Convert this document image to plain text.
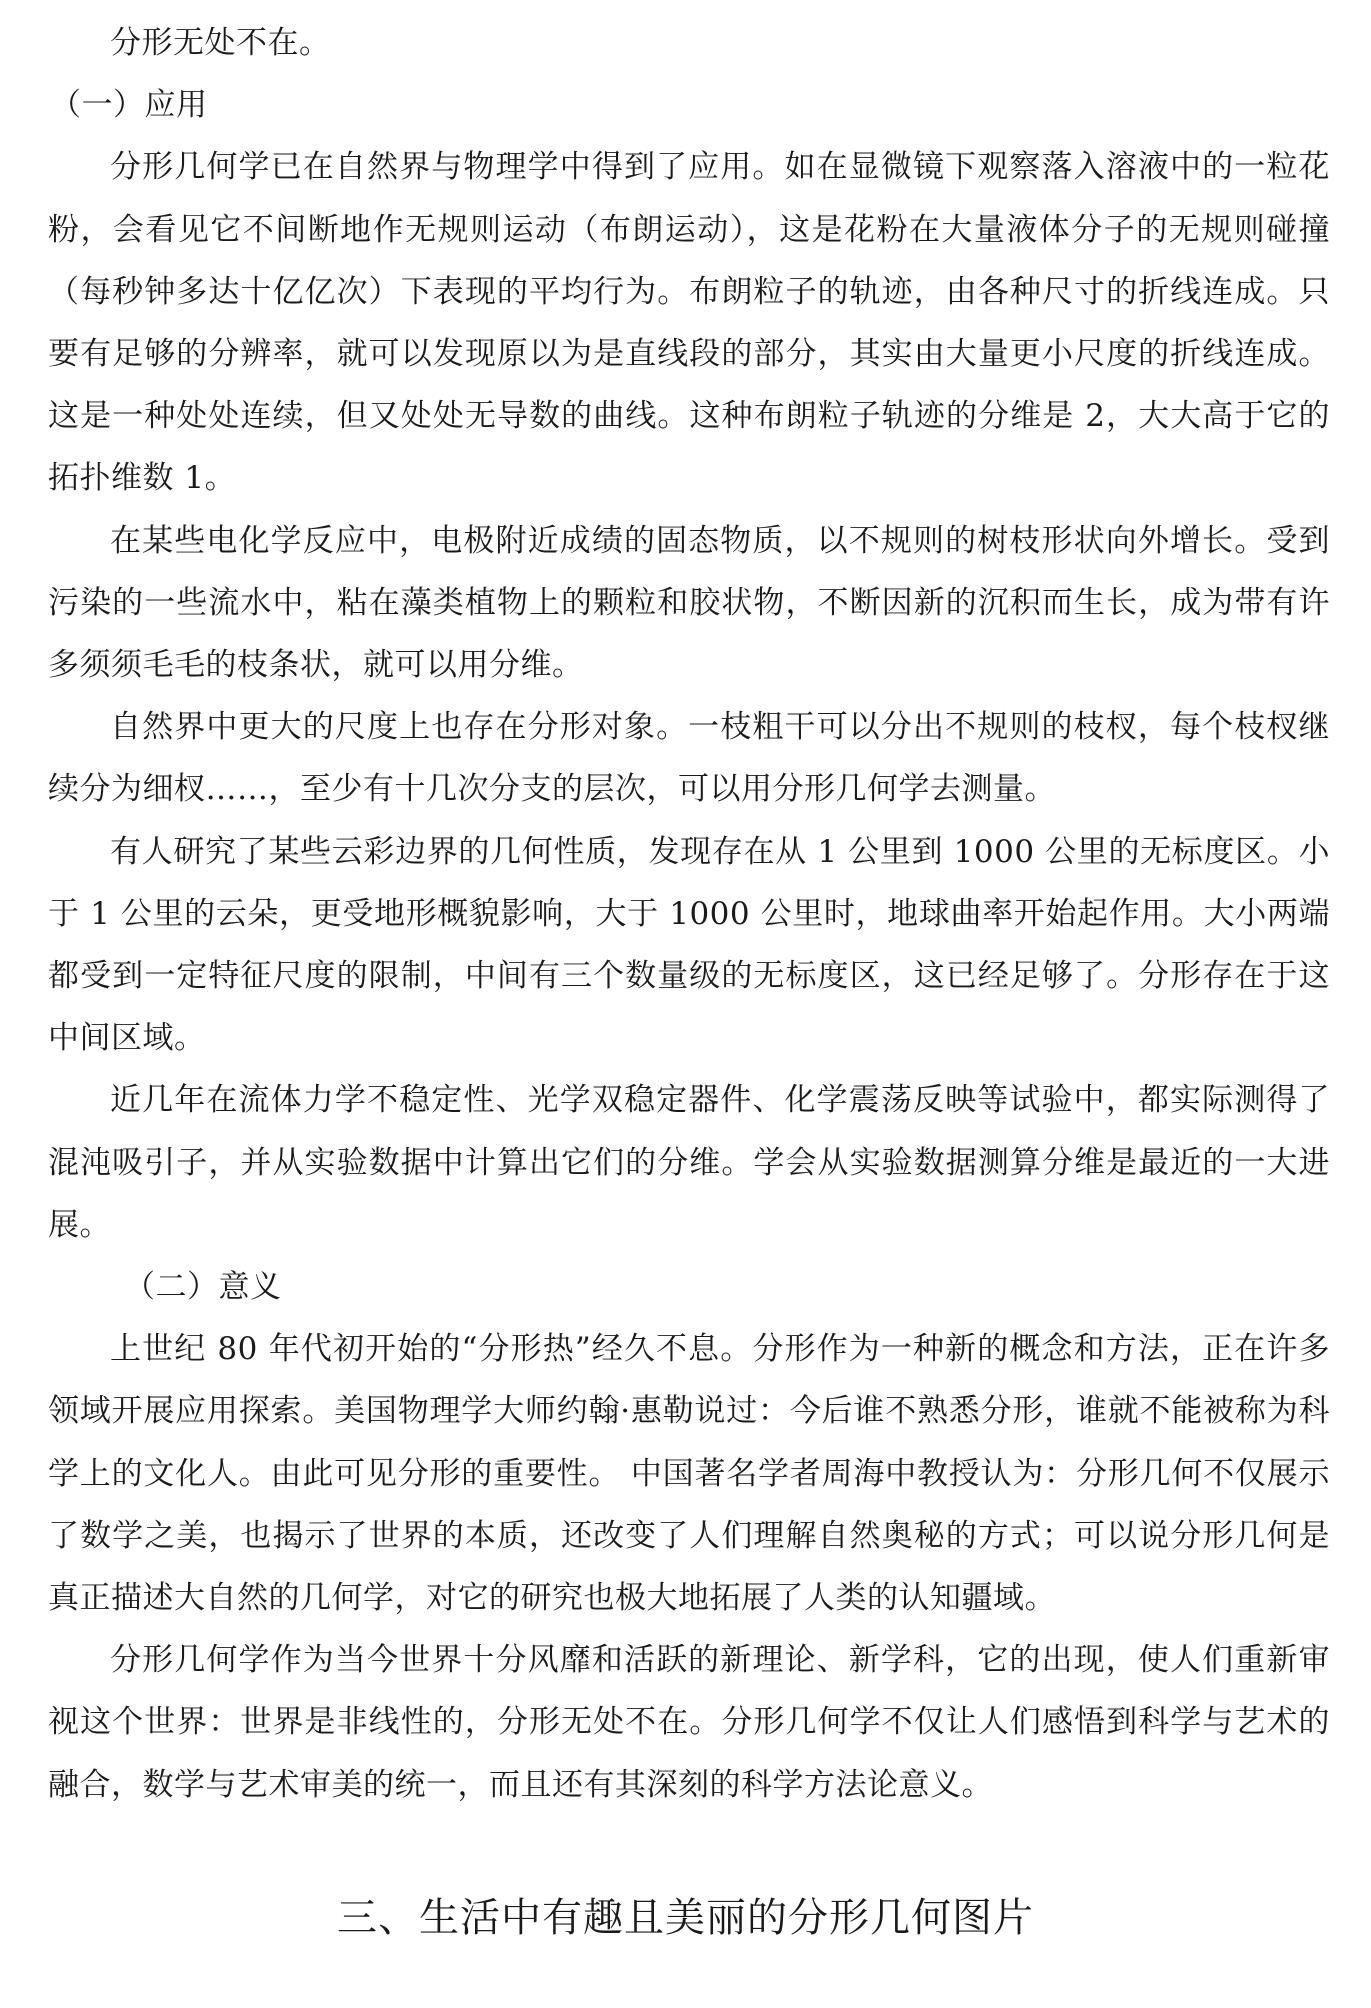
分形无处不在。

（一）应用

分形几何学已在自然界与物理学中得到了应用。如在显微镜下观察落入溶液中的一粒花粉，会看见它不间断地作无规则运动（布朗运动），这是花粉在大量液体分子的无规则碰撞（每秒钟多达十亿亿次）下表现的平均行为。布朗粒子的轨迹，由各种尺寸的折线连成。只要有足够的分辨率，就可以发现原以为是直线段的部分，其实由大量更小尺度的折线连成。这是一种处处连续，但又处处无导数的曲线。这种布朗粒子轨迹的分维是 2，大大高于它的拓扑维数 1。

在某些电化学反应中，电极附近成绩的固态物质，以不规则的树枝形状向外增长。受到污染的一些流水中，粘在藻类植物上的颗粒和胶状物，不断因新的沉积而生长，成为带有许多须须毛毛的枝条状，就可以用分维。

自然界中更大的尺度上也存在分形对象。一枝粗干可以分出不规则的枝杈，每个枝杈继续分为细杈……，至少有十几次分支的层次，可以用分形几何学去测量。

有人研究了某些云彩边界的几何性质，发现存在从 1 公里到 1000 公里的无标度区。小于 1 公里的云朵，更受地形概貌影响，大于 1000 公里时，地球曲率开始起作用。大小两端都受到一定特征尺度的限制，中间有三个数量级的无标度区，这已经足够了。分形存在于这中间区域。

近几年在流体力学不稳定性、光学双稳定器件、化学震荡反映等试验中，都实际测得了混沌吸引子，并从实验数据中计算出它们的分维。学会从实验数据测算分维是最近的一大进展。

（二）意义

上世纪 80 年代初开始的“分形热”经久不息。分形作为一种新的概念和方法，正在许多领域开展应用探索。美国物理学大师约翰·惠勒说过：今后谁不熟悉分形，谁就不能被称为科学上的文化人。由此可见分形的重要性。 中国著名学者周海中教授认为：分形几何不仅展示了数学之美，也揭示了世界的本质，还改变了人们理解自然奥秘的方式；可以说分形几何是真正描述大自然的几何学，对它的研究也极大地拓展了人类的认知疆域。

分形几何学作为当今世界十分风靡和活跃的新理论、新学科，它的出现，使人们重新审视这个世界：世界是非线性的，分形无处不在。分形几何学不仅让人们感悟到科学与艺术的融合，数学与艺术审美的统一，而且还有其深刻的科学方法论意义。

三、生活中有趣且美丽的分形几何图片
